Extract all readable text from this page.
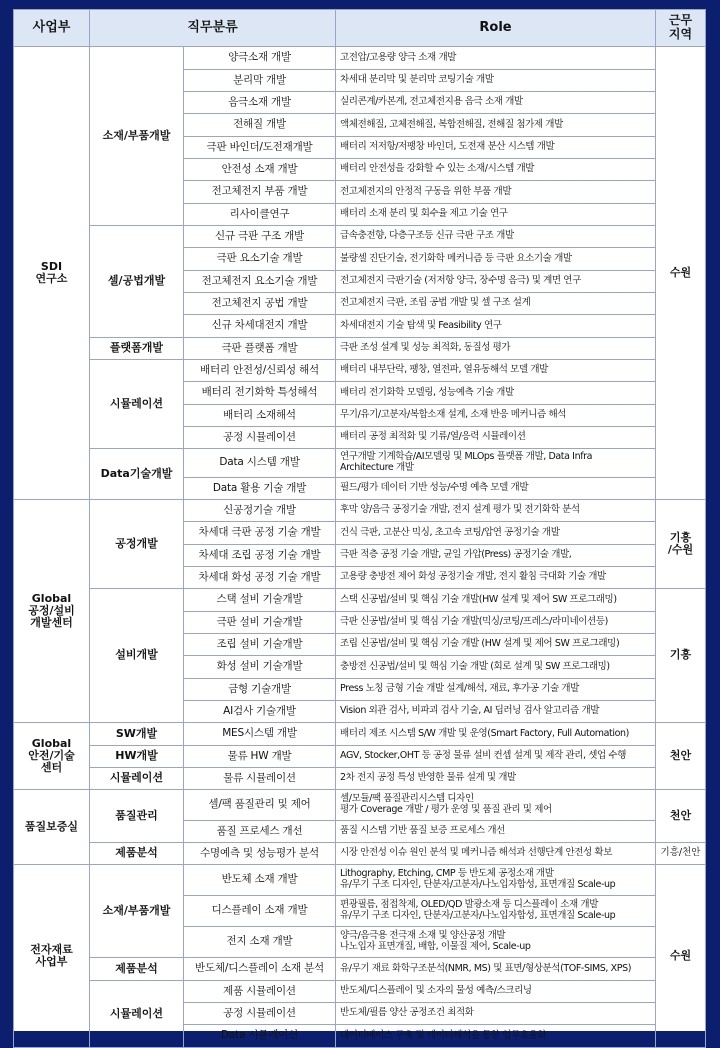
사업부	직무분류		Role	근무
지역
SDI
연구소	소재/부품개발	양극소재 개발	고전압/고용량 양극 소재 개발	수원
		분리막 개발	차세대 분리막 및 분리막 코팅기술 개발	

		음극소재 개발	실리콘계/카본계, 전고체전지용 음극 소재 개발	

		전해질 개발	액체전해질, 고체전해질, 복합전해질, 전해질 첨가제 개발	

		극판 바인더/도전재개발	배터리 저저항/저팽창 바인더, 도전재 분산 시스템 개발	

		안전성 소재 개발	배터리 안전성을 강화할 수 있는 소재/시스템 개발	

		전고체전지 부품 개발	전고체전지의 안정적 구동을 위한 부품 개발	

		리사이클연구	배터리 소재 분리 및 회수율 제고 기술 연구	

	셀/공법개발	신규 극판 구조 개발	급속충전향, 다층구조등 신규 극판 구조 개발	

		극판 요소기술 개발	불량셀 진단기술, 전기화학 메커니즘 등 극판 요소기술 개발	

		전고체전지 요소기술 개발	전고체전지 극판기술 (저저항 양극, 장수명 음극) 및 계면 연구	

		전고체전지 공법 개발	전고체전지 극판, 조립 공법 개발 및 셀 구조 설계	

		신규 차세대전지 개발	차세대전지 기술 탐색 및 Feasibility 연구	

	플랫폼개발	극판 플랫폼 개발	극판 조성 설계 및 성능 최적화, 동질성 평가	

	시뮬레이션	배터리 안전성/신뢰성 해석	배터리 내부단락, 팽창, 열전파, 열유동해석 모델 개발	

		배터리 전기화학 특성해석	배터리 전기화학 모델링, 성능예측 기술 개발	

		배터리 소재해석	무기/유기/고분자/복합소재 설계, 소재 반응 메커니즘 해석	

		공정 시뮬레이션	배터리 공정 최적화 및 기류/열/응력 시뮬레이션	

	Data기술개발	Data 시스템 개발	연구개발 기계학습/AI모델링 및 MLOps 플랫폼 개발, Data Infra
Architecture 개발	

		Data 활용 기술 개발	필드/평가 데이터 기반 성능/수명 예측 모델 개발	

Global
공정/설비
개발센터	공정개발	신공정기술 개발	후막 양/음극 공정기술 개발, 전지 설계 평가 및 전기화학 분석	기흥
/수원
		차세대 극판 공정 기술 개발	건식 극판, 고분산 믹싱, 초고속 코팅/압연 공정기술 개발	

		차세대 조립 공정 기술 개발	극판 적층 공정 기술 개발, 균일 가압(Press) 공정기술 개발,	

		차세대 화성 공정 기술 개발	고용량 충방전 제어 화성 공정기술 개발, 전지 활침 극대화 기술 개발	

	설비개발	스택 설비 기술개발	스택 신공법/설비 및 핵심 기술 개발(HW 설계 및 제어 SW 프로그래밍)	기흥
		극판 설비 기술개발	극판 신공법/설비 및 핵심 기술 개발(믹싱/코팅/프레스/라미네이션등)	

		조립 설비 기술개발	조립 신공법/설비 및 핵심 기술 개발 (HW 설계 및 제어 SW 프로그래밍)	

		화성 설비 기술개발	충방전 신공법/설비 및 핵심 기술 개발 (회로 설계 및 SW 프로그래밍)	

		금형 기술개발	Press 노칭 금형 기술 개발 설계/해석, 재료, 후가공 기술 개발	

		AI검사 기술개발	Vision 외관 검사, 비파괴 검사 기술, AI 딥러닝 검사 알고리즘 개발	

Global
안전/기술
센터	SW개발	MES시스템 개발	배터리 제조 시스템 S/W 개발 및 운영(Smart Factory, Full Automation)	천안
	HW개발	물류 HW 개발	AGV, Stocker,OHT 등 공정 물류 설비 컨셉 설계 및 제작 관리, 셋업 수행	

	시뮬레이션	물류 시뮬레이션	2차 전지 공정 특성 반영한 물류 설계 및 개발	

품질보증실	품질관리	셀/팩 품질관리 및 제어	셀/모듈/팩 품질관리시스템 디자인
평가 Coverage 개발 / 평가 운영 및 품질 관리 및 제어	천안
		품질 프로세스 개선	품질 시스템 기반 품질 보증 프로세스 개선	

	제품분석	수명예측 및 성능평가 분석	시장 안전성 이슈 원인 분석 및 메커니즘 해석과 선행단계 안전성 확보	기흥/천안
전자재료
사업부	소재/부품개발	반도체 소재 개발	Lithography, Etching, CMP 등 반도체 공정소재 개발
유/무기 구조 디자인, 단분자/고분자/나노입자합성, 표면개질 Scale-up	수원
		디스플레이 소재 개발	편광필름, 점접착제, OLED/QD 발광소재 등 디스플레이 소재 개발
유/무기 구조 디자인, 단분자/고분자/나노입자합성, 표면개질 Scale-up	

		전지 소재 개발	양극/음극용 전극재 소재 및 양산공정 개발
나노입자 표면개질, 배합, 이물질 제어, Scale-up	

	제품분석	반도체/디스플레이 소재 분석	유/무기 재료 화학구조분석(NMR, MS) 및 표면/형상분석(TOF-SIMS, XPS)	

	시뮬레이션	제품 시뮬레이션	반도체/디스플레이 및 소자의 물성 예측/스크리닝	

		공정 시뮬레이션	반도체/필름 양산 공정조건 최적화	

		Data 시뮬레이션	데이터베이스 구축 및 데이터해석을 통한 업무효율화	
